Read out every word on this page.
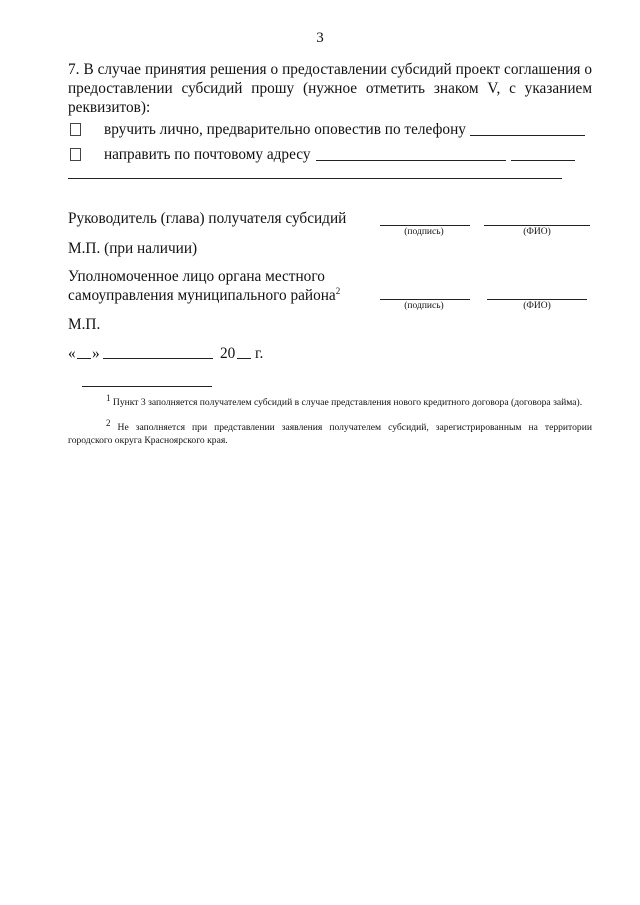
3
7. В случае принятия решения о предоставлении субсидий проект соглашения о предоставлении субсидий прошу (нужное отметить знаком V, с указанием реквизитов):
вручить лично, предварительно оповестив по телефону
направить по почтовому адресу
Руководитель (глава) получателя субсидий
(подпись)	(ФИО)
М.П. (при наличии)
Уполномоченное лицо органа местного
самоуправления муниципального района$^2$
(подпись)	(ФИО)
М.П.
« »	20 г.
$^1$ Пункт 3 заполняется получателем субсидий в случае представления нового кредитного договора (договора займа).
$^2$ Не заполняется при представлении заявления получателем субсидий, зарегистрированным на территории городского округа Красноярского края.
